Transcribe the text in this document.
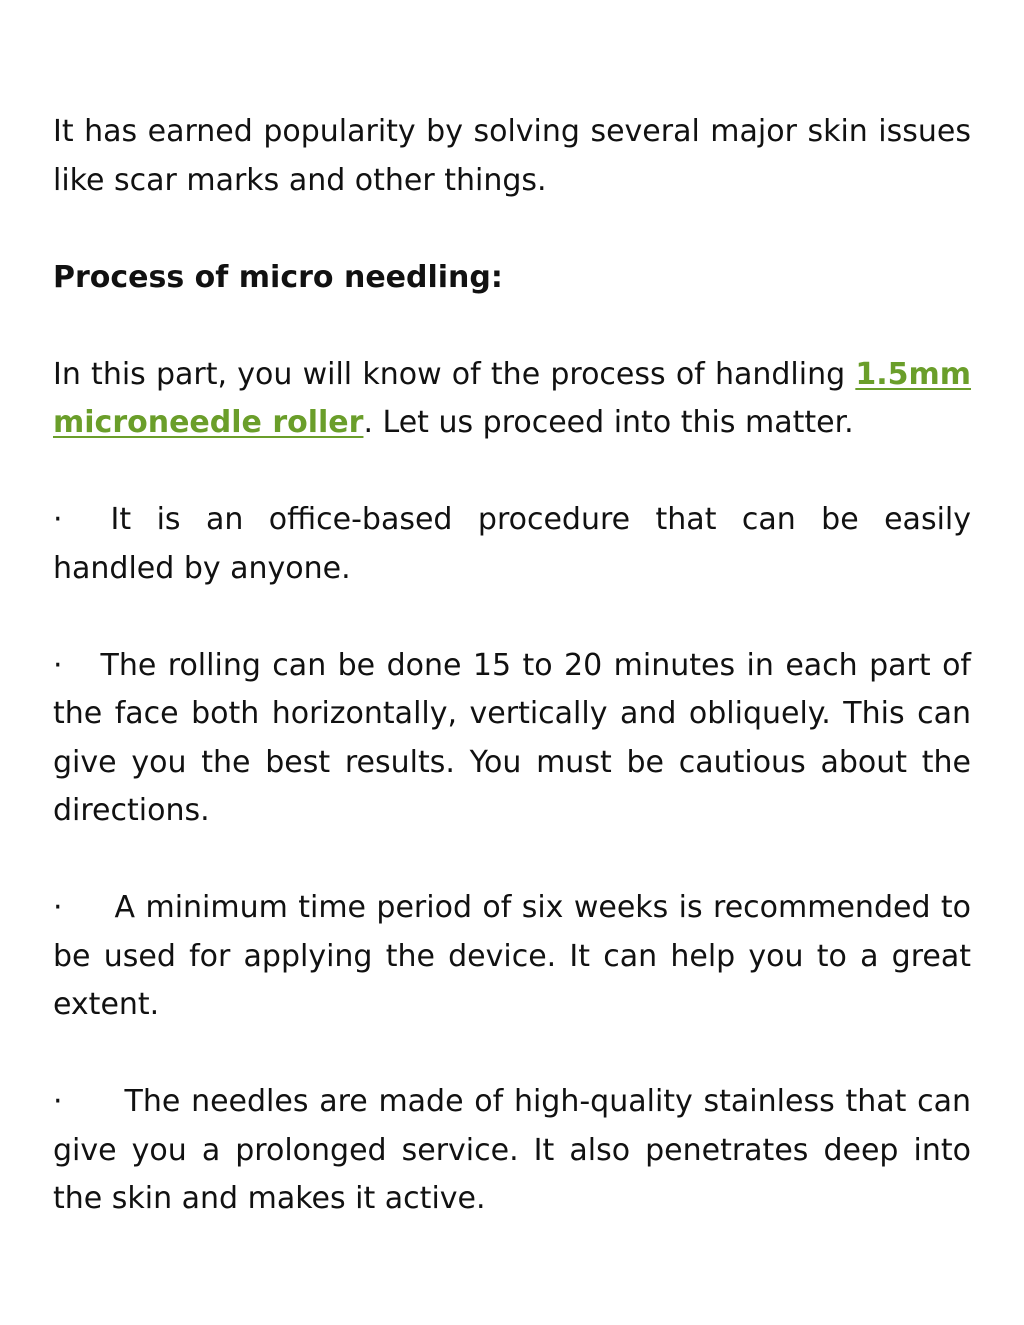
It has earned popularity by solving several major skin issues like scar marks and other things.

Process of micro needling:

In this part, you will know of the process of handling 1.5mm microneedle roller. Let us proceed into this matter.

· It is an office-based procedure that can be easily handled by anyone.

· The rolling can be done 15 to 20 minutes in each part of the face both horizontally, vertically and obliquely. This can give you the best results. You must be cautious about the directions.

· A minimum time period of six weeks is recommended to be used for applying the device. It can help you to a great extent.

· The needles are made of high-quality stainless that can give you a prolonged service. It also penetrates deep into the skin and makes it active.
